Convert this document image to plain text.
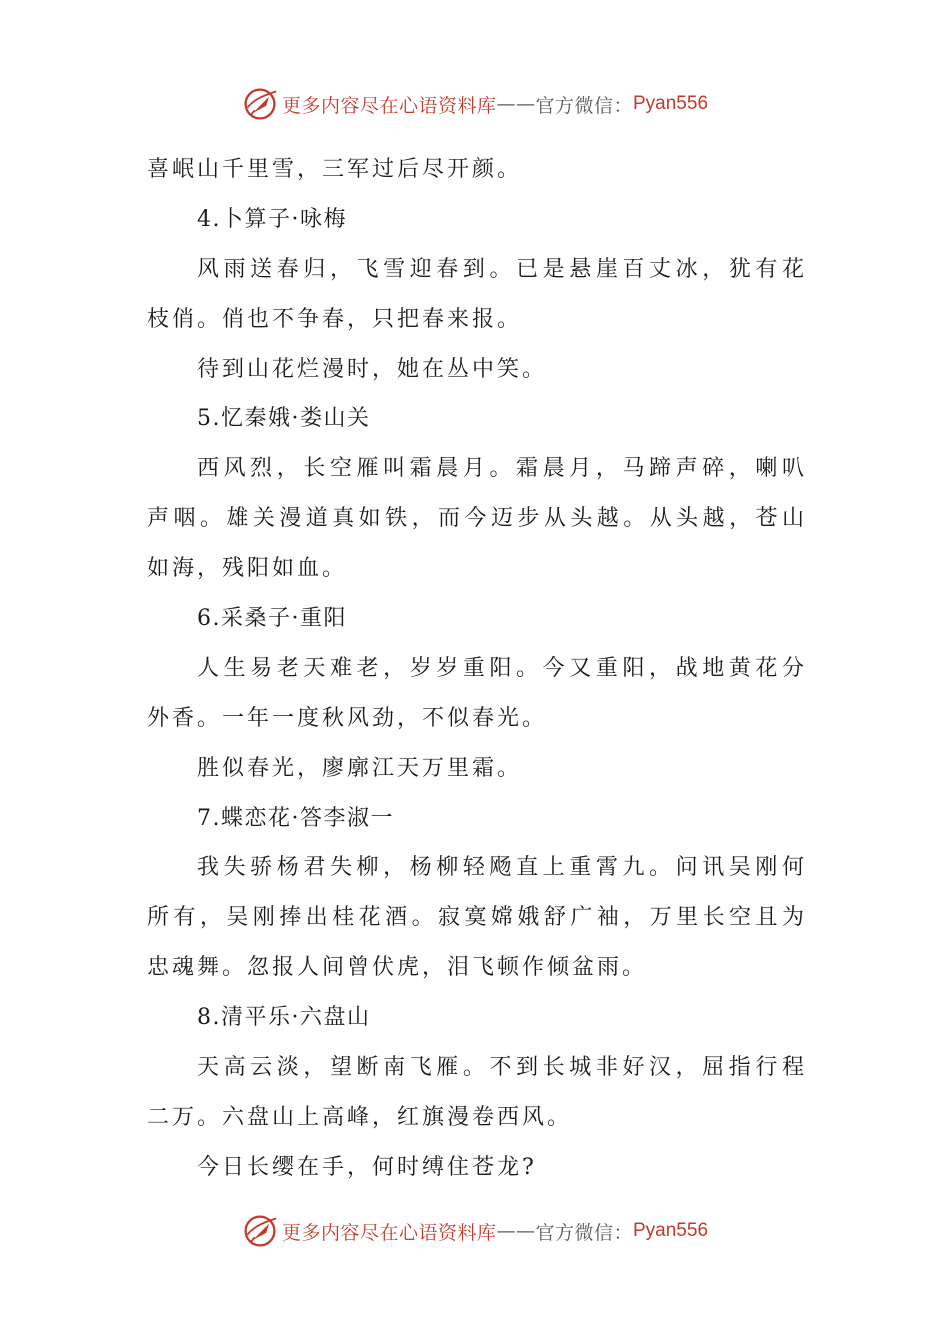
更多内容尽在心语资料库 —— 官方微信： Pyan556
喜岷山千里雪，三军过后尽开颜。
4.卜算子·咏梅
风雨送春归，飞雪迎春到。已是悬崖百丈冰，犹有花
枝俏。俏也不争春，只把春来报。
待到山花烂漫时，她在丛中笑。
5.忆秦娥·娄山关
西风烈，长空雁叫霜晨月。霜晨月，马蹄声碎，喇叭
声咽。雄关漫道真如铁，而今迈步从头越。从头越，苍山
如海，残阳如血。
6.采桑子·重阳
人生易老天难老，岁岁重阳。今又重阳，战地黄花分
外香。一年一度秋风劲，不似春光。
胜似春光，廖廓江天万里霜。
7.蝶恋花·答李淑一
我失骄杨君失柳，杨柳轻飏直上重霄九。问讯吴刚何
所有，吴刚捧出桂花酒。寂寞嫦娥舒广袖，万里长空且为
忠魂舞。忽报人间曾伏虎，泪飞顿作倾盆雨。
8.清平乐·六盘山
天高云淡，望断南飞雁。不到长城非好汉，屈指行程
二万。六盘山上高峰，红旗漫卷西风。
今日长缨在手，何时缚住苍龙?
更多内容尽在心语资料库 —— 官方微信： Pyan556
